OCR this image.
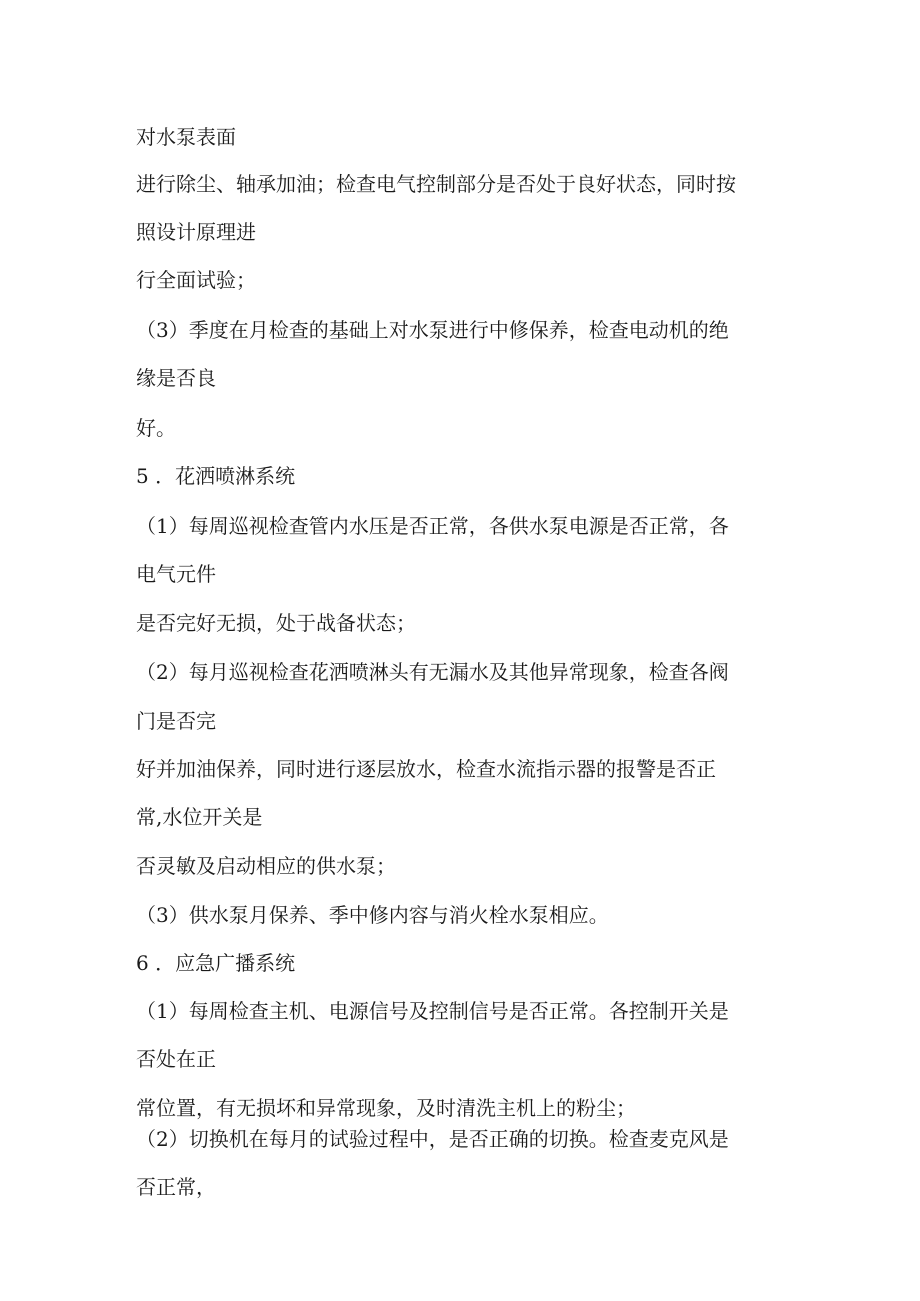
对水泵表面

进行除尘、轴承加油；检查电气控制部分是否处于良好状态，同时按

照设计原理进

行全面试验；

（3）季度在月检查的基础上对水泵进行中修保养，检查电动机的绝

缘是否良

好。

5 ．花洒喷淋系统

（1）每周巡视检查管内水压是否正常，各供水泵电源是否正常，各

电气元件

是否完好无损，处于战备状态；

（2）每月巡视检查花洒喷淋头有无漏水及其他异常现象，检查各阀

门是否完

好并加油保养，同时进行逐层放水，检查水流指示器的报警是否正

常,水位开关是

否灵敏及启动相应的供水泵；

（3）供水泵月保养、季中修内容与消火栓水泵相应。

6 ．应急广播系统

（1）每周检查主机、电源信号及控制信号是否正常。各控制开关是

否处在正

常位置，有无损坏和异常现象，及时清洗主机上的粉尘；

（2）切换机在每月的试验过程中，是否正确的切换。检查麦克风是

否正常，
